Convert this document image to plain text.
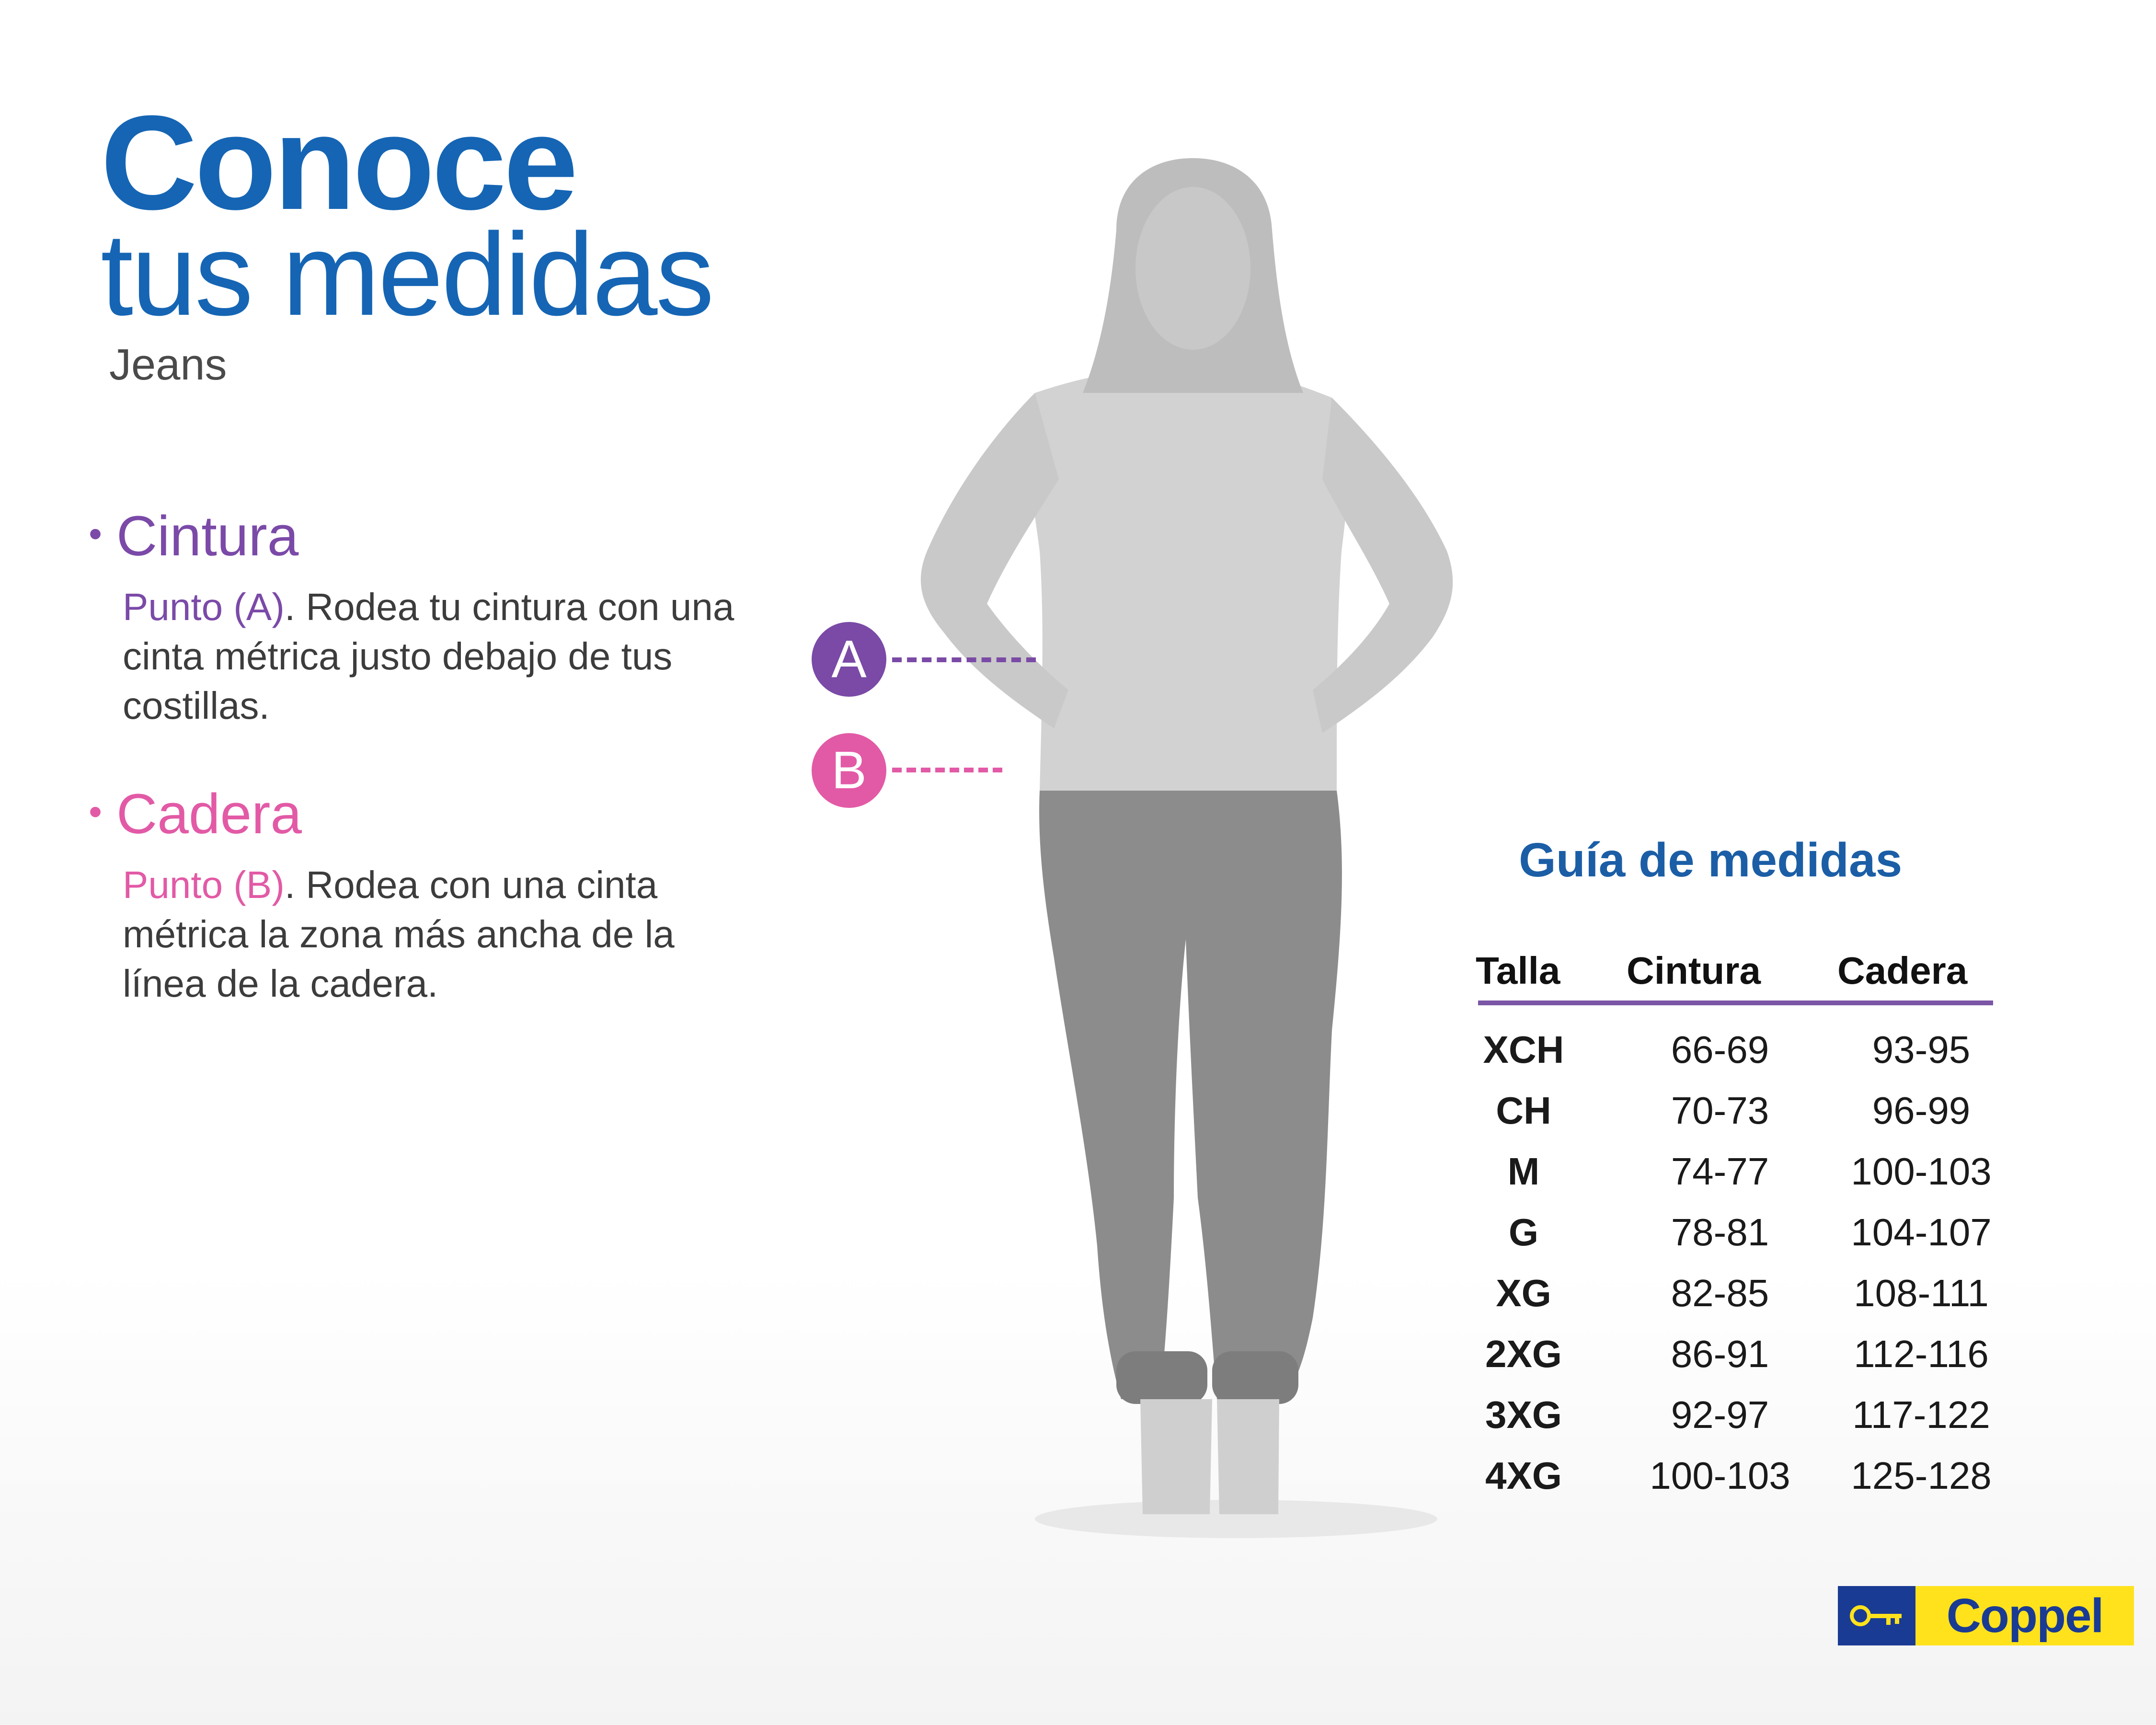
Conoce
tus medidas
Jeans
• Cintura
Punto (A). Rodea tu cintura con una cinta métrica justo debajo de tus costillas.
• Cadera
Punto (B). Rodea con una cinta métrica la zona más ancha de la línea de la cadera.
A
B
Guía de medidas
Talla Cintura Cadera
XCH	66-69	93-95
CH	70-73	96-99
M	74-77	100-103
G	78-81	104-107
XG	82-85	108-111
2XG	86-91	112-116
3XG	92-97	117-122
4XG	100-103	125-128
Coppel
